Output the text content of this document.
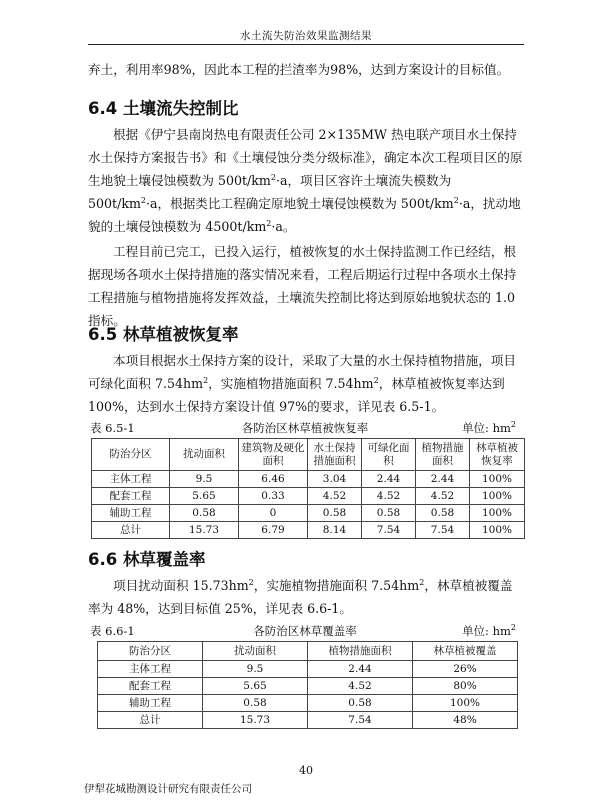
水土流失防治效果监测结果

弃土，利用率98%，因此本工程的拦渣率为98%，达到方案设计的目标值。

6.4 土壤流失控制比

根据《伊宁县南岗热电有限责任公司 2×135MW 热电联产项目水土保持水土保持方案报告书》和《土壤侵蚀分类分级标准》，确定本次工程项目区的原生地貌土壤侵蚀模数为 $500t/km^2\cdot a$，项目区容许土壤流失模数为 $500t/km^2\cdot a$，根据类比工程确定原地貌土壤侵蚀模数为 $500t/km^2\cdot a$，扰动地貌的土壤侵蚀模数为 $4500t/km^2\cdot a$。

工程目前已完工，已投入运行，植被恢复的水土保持监测工作已经结，根据现场各项水土保持措施的落实情况来看，工程后期运行过程中各项水土保持工程措施与植物措施将发挥效益，土壤流失控制比将达到原始地貌状态的 1.0 指标。

6.5 林草植被恢复率

本项目根据水土保持方案的设计，采取了大量的水土保持植物措施，项目可绿化面积 $7.54hm^2$，实施植物措施面积 $7.54hm^2$，林草植被恢复率达到 100%，达到水土保持方案设计值 97%的要求，详见表 6.5-1。

表 6.5-1	各防治区林草植被恢复率	单位: $hm^2$
防治分区	扰动面积	建筑物及硬化面积	水土保持措施面积	可绿化面积	植物措施面积	林草植被恢复率
主体工程	9.5	6.46	3.04	2.44	2.44	100%
配套工程	5.65	0.33	4.52	4.52	4.52	100%
辅助工程	0.58	0	0.58	0.58	0.58	100%
总计	15.73	6.79	8.14	7.54	7.54	100%
6.6 林草覆盖率

项目扰动面积 $15.73hm^2$，实施植物措施面积 $7.54hm^2$，林草植被覆盖率为 48%，达到目标值 25%，详见表 6.6-1。

表 6.6-1	各防治区林草覆盖率	单位: $hm^2$
防治分区	扰动面积	植物措施面积	林草植被覆盖
主体工程	9.5	2.44	26%
配套工程	5.65	4.52	80%
辅助工程	0.58	0.58	100%
总计	15.73	7.54	48%
40
伊犁花城勘测设计研究有限责任公司
